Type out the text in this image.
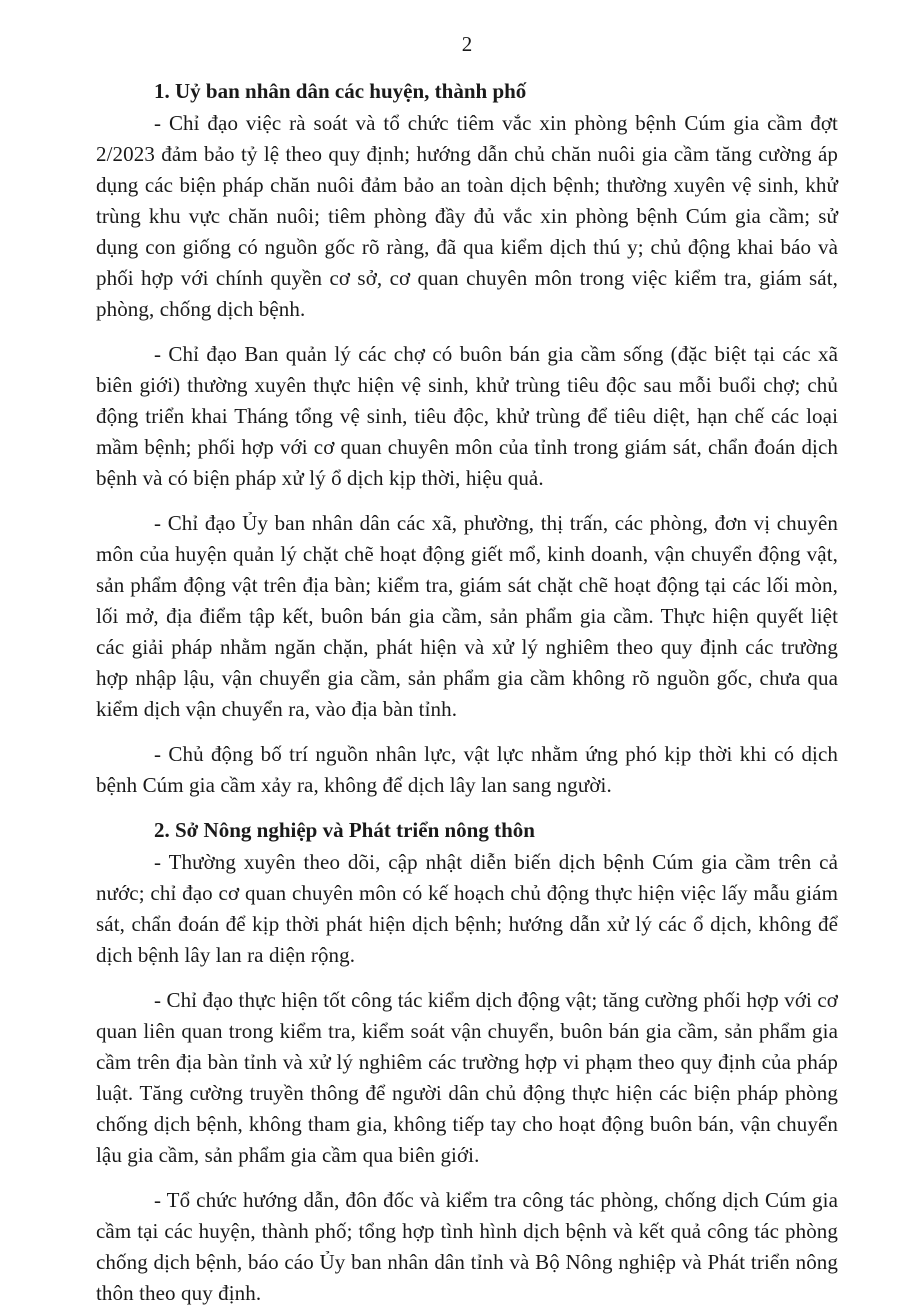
2

1. Uỷ ban nhân dân các huyện, thành phố

- Chỉ đạo việc rà soát và tổ chức tiêm vắc xin phòng bệnh Cúm gia cầm đợt 2/2023 đảm bảo tỷ lệ theo quy định; hướng dẫn chủ chăn nuôi gia cầm tăng cường áp dụng các biện pháp chăn nuôi đảm bảo an toàn dịch bệnh; thường xuyên vệ sinh, khử trùng khu vực chăn nuôi; tiêm phòng đầy đủ vắc xin phòng bệnh Cúm gia cầm; sử dụng con giống có nguồn gốc rõ ràng, đã qua kiểm dịch thú y; chủ động khai báo và phối hợp với chính quyền cơ sở, cơ quan chuyên môn trong việc kiểm tra, giám sát, phòng, chống dịch bệnh.

- Chỉ đạo Ban quản lý các chợ có buôn bán gia cầm sống (đặc biệt tại các xã biên giới) thường xuyên thực hiện vệ sinh, khử trùng tiêu độc sau mỗi buổi chợ; chủ động triển khai Tháng tổng vệ sinh, tiêu độc, khử trùng để tiêu diệt, hạn chế các loại mầm bệnh; phối hợp với cơ quan chuyên môn của tỉnh trong giám sát, chẩn đoán dịch bệnh và có biện pháp xử lý ổ dịch kịp thời, hiệu quả.

- Chỉ đạo Ủy ban nhân dân các xã, phường, thị trấn, các phòng, đơn vị chuyên môn của huyện quản lý chặt chẽ hoạt động giết mổ, kinh doanh, vận chuyển động vật, sản phẩm động vật trên địa bàn; kiểm tra, giám sát chặt chẽ hoạt động tại các lối mòn, lối mở, địa điểm tập kết, buôn bán gia cầm, sản phẩm gia cầm. Thực hiện quyết liệt các giải pháp nhằm ngăn chặn, phát hiện và xử lý nghiêm theo quy định các trường hợp nhập lậu, vận chuyển gia cầm, sản phẩm gia cầm không rõ nguồn gốc, chưa qua kiểm dịch vận chuyển ra, vào địa bàn tỉnh.

- Chủ động bố trí nguồn nhân lực, vật lực nhằm ứng phó kịp thời khi có dịch bệnh Cúm gia cầm xảy ra, không để dịch lây lan sang người.

2. Sở Nông nghiệp và Phát triển nông thôn

- Thường xuyên theo dõi, cập nhật diễn biến dịch bệnh Cúm gia cầm trên cả nước; chỉ đạo cơ quan chuyên môn có kế hoạch chủ động thực hiện việc lấy mẫu giám sát, chẩn đoán để kịp thời phát hiện dịch bệnh; hướng dẫn xử lý các ổ dịch, không để dịch bệnh lây lan ra diện rộng.

- Chỉ đạo thực hiện tốt công tác kiểm dịch động vật; tăng cường phối hợp với cơ quan liên quan trong kiểm tra, kiểm soát vận chuyển, buôn bán gia cầm, sản phẩm gia cầm trên địa bàn tỉnh và xử lý nghiêm các trường hợp vi phạm theo quy định của pháp luật. Tăng cường truyền thông để người dân chủ động thực hiện các biện pháp phòng chống dịch bệnh, không tham gia, không tiếp tay cho hoạt động buôn bán, vận chuyển lậu gia cầm, sản phẩm gia cầm qua biên giới.

- Tổ chức hướng dẫn, đôn đốc và kiểm tra công tác phòng, chống dịch Cúm gia cầm tại các huyện, thành phố; tổng hợp tình hình dịch bệnh và kết quả công tác phòng chống dịch bệnh, báo cáo Ủy ban nhân dân tỉnh và Bộ Nông nghiệp và Phát triển nông thôn theo quy định.
